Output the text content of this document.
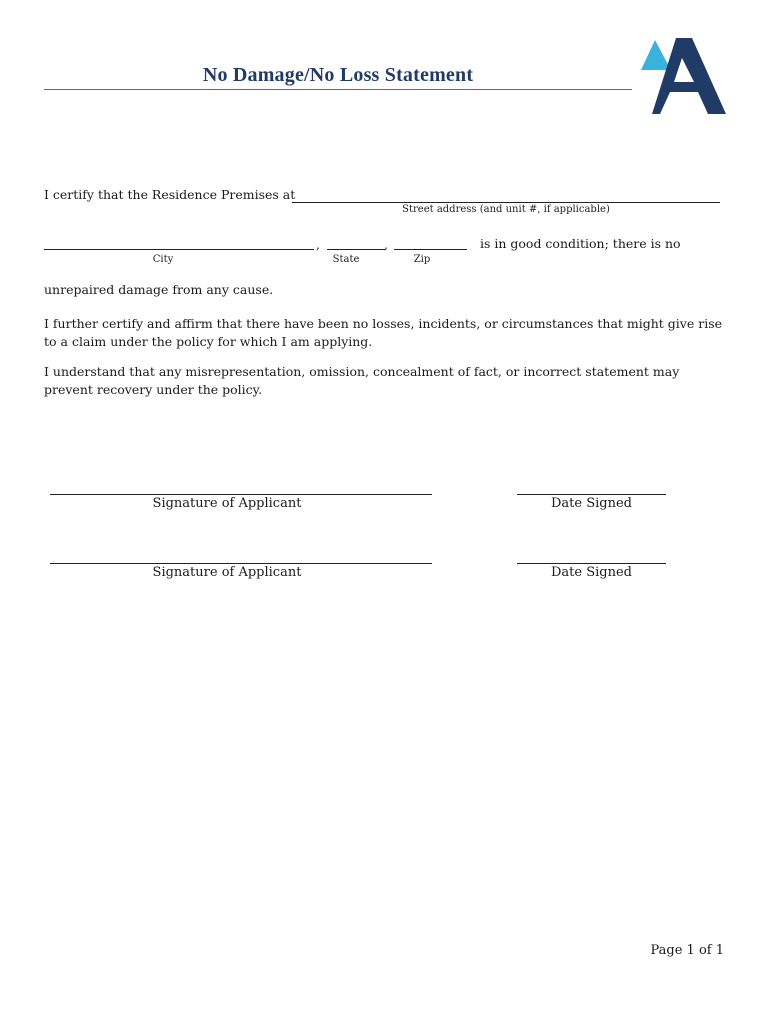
No Damage/No Loss Statement
I certify that the Residence Premises at
Street address (and unit #, if applicable)
,	,	is in good condition; there is no
City	State	Zip
unrepaired damage from any cause.
I further certify and affirm that there have been no losses, incidents, or circumstances that might give rise to a claim under the policy for which I am applying.
I understand that any misrepresentation, omission, concealment of fact, or incorrect statement may prevent recovery under the policy.
Signature of Applicant	Date Signed
Signature of Applicant	Date Signed
Page 1 of 1
